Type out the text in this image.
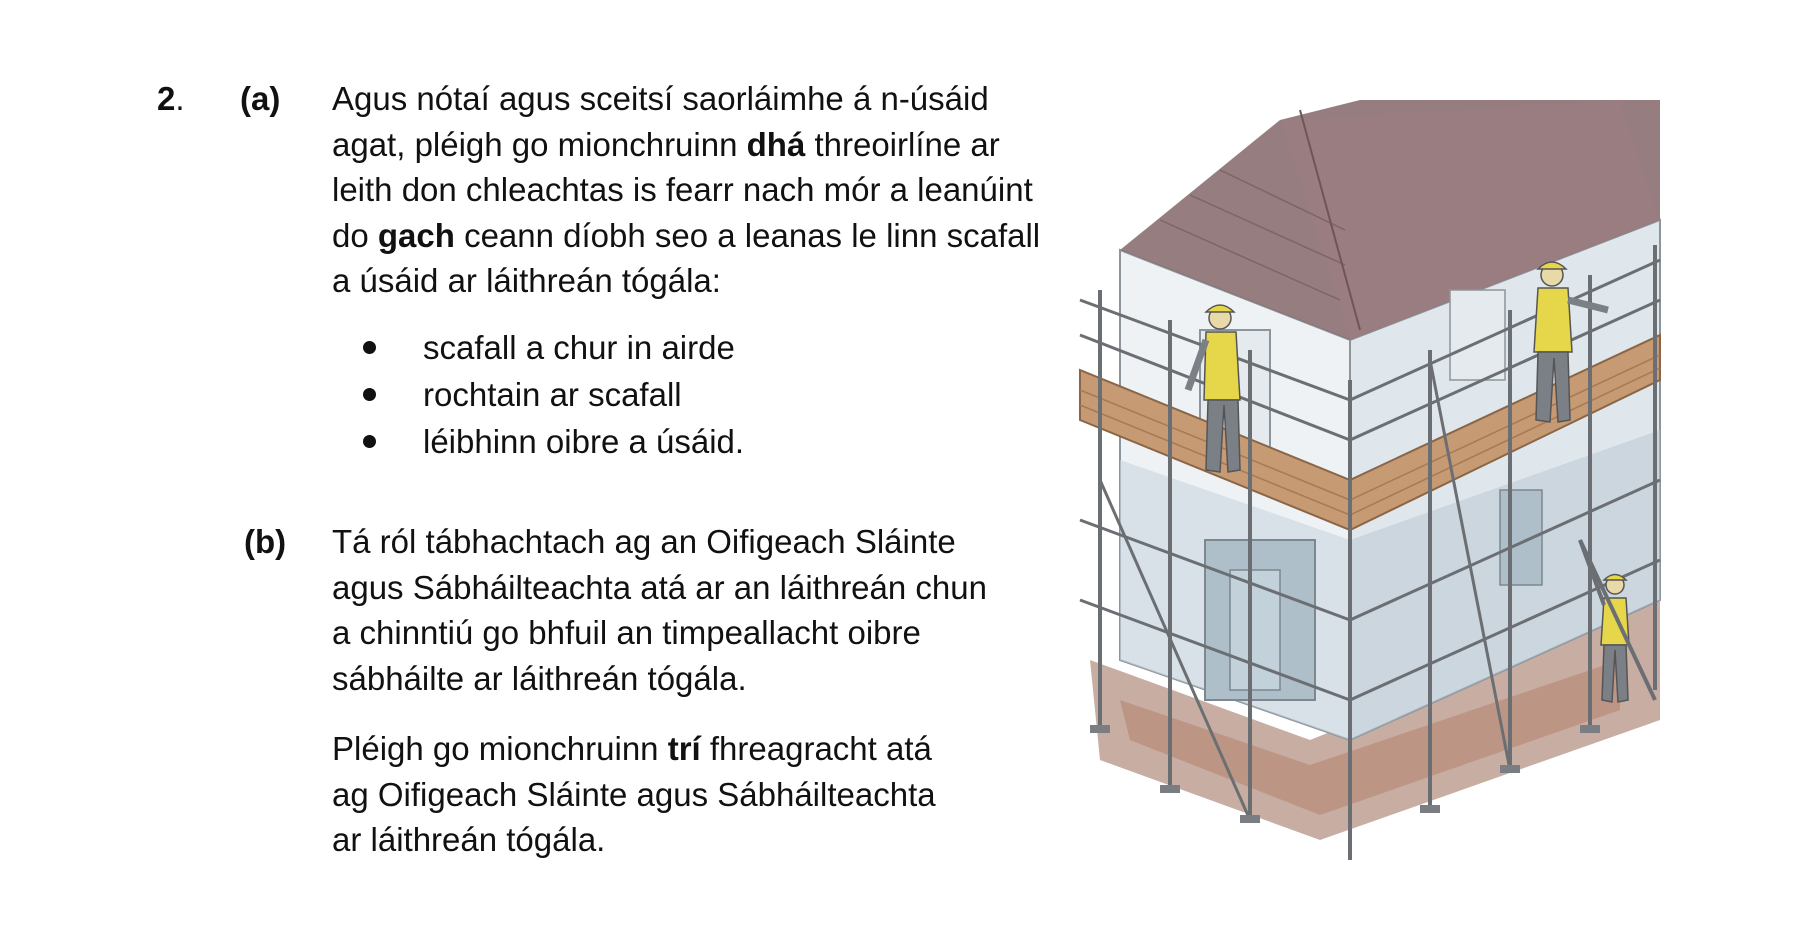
2. (a) Agus nótaí agus sceitsí saorláimhe á n-úsáid
agat, pléigh go mionchruinn dhá threoirlíne ar
leith don chleachtas is fearr nach mór a leanúint
do gach ceann díobh seo a leanas le linn scafall
a úsáid ar láithreán tógála:

scafall a chur in airde
rochtain ar scafall
léibhinn oibre a úsáid.
(b) Tá ról tábhachtach ag an Oifigeach Sláinte
agus Sábháilteachta atá ar an láithreán chun
a chinntiú go bhfuil an timpeallacht oibre
sábháilte ar láithreán tógála.

Pléigh go mionchruinn trí fhreagracht atá
ag Oifigeach Sláinte agus Sábháilteachta
ar láithreán tógála.
